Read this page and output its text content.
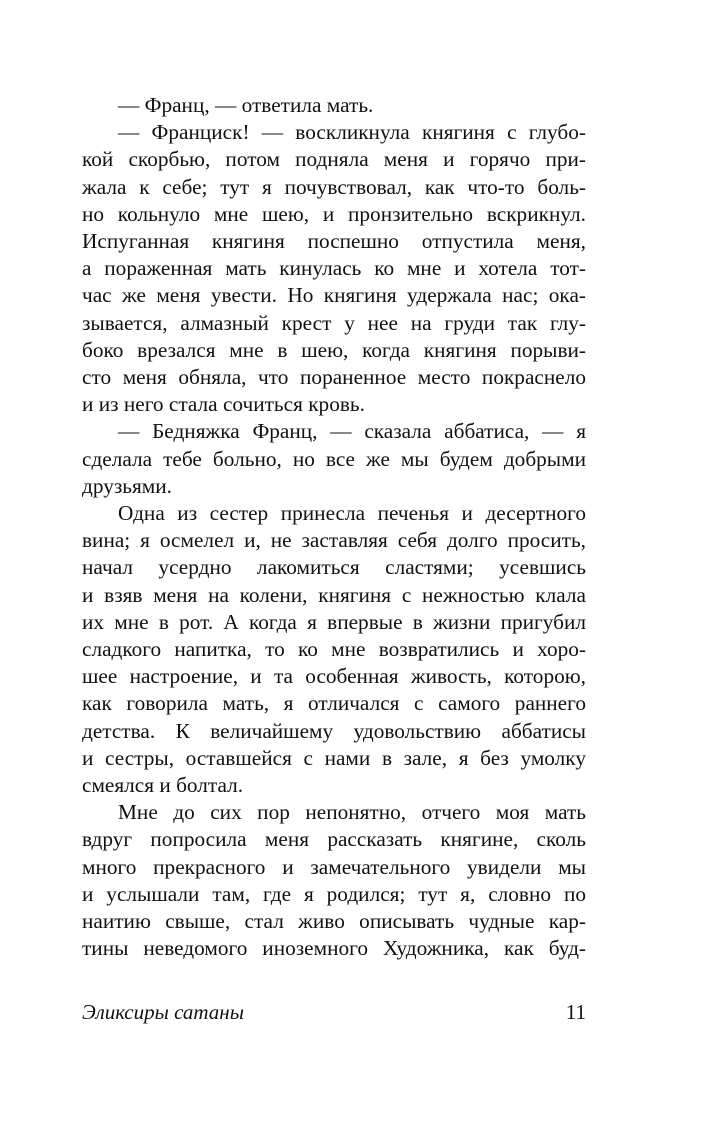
— Франц, — ответила мать.
— Франциск! — воскликнула княгиня с глубо-
кой скорбью, потом подняла меня и горячо при-
жала к себе; тут я почувствовал, как что-то боль-
но кольнуло мне шею, и пронзительно вскрикнул.
Испуганная княгиня поспешно отпустила меня,
а пораженная мать кинулась ко мне и хотела тот-
час же меня увести. Но княгиня удержала нас; ока-
зывается, алмазный крест у нее на груди так глу-
боко врезался мне в шею, когда княгиня порыви-
сто меня обняла, что пораненное место покраснело
и из него стала сочиться кровь.
— Бедняжка Франц, — сказала аббатиса, — я
сделала тебе больно, но все же мы будем добрыми
друзьями.
Одна из сестер принесла печенья и десертного
вина; я осмелел и, не заставляя себя долго просить,
начал усердно лакомиться сластями; усевшись
и взяв меня на колени, княгиня с нежностью клала
их мне в рот. А когда я впервые в жизни пригубил
сладкого напитка, то ко мне возвратились и хоро-
шее настроение, и та особенная живость, которою,
как говорила мать, я отличался с самого раннего
детства. К величайшему удовольствию аббатисы
и сестры, оставшейся с нами в зале, я без умолку
смеялся и болтал.
Мне до сих пор непонятно, отчего моя мать
вдруг попросила меня рассказать княгине, сколь
много прекрасного и замечательного увидели мы
и услышали там, где я родился; тут я, словно по
наитию свыше, стал живо описывать чудные кар-
тины неведомого иноземного Художника, как буд-
Эликсиры сатаны	11
